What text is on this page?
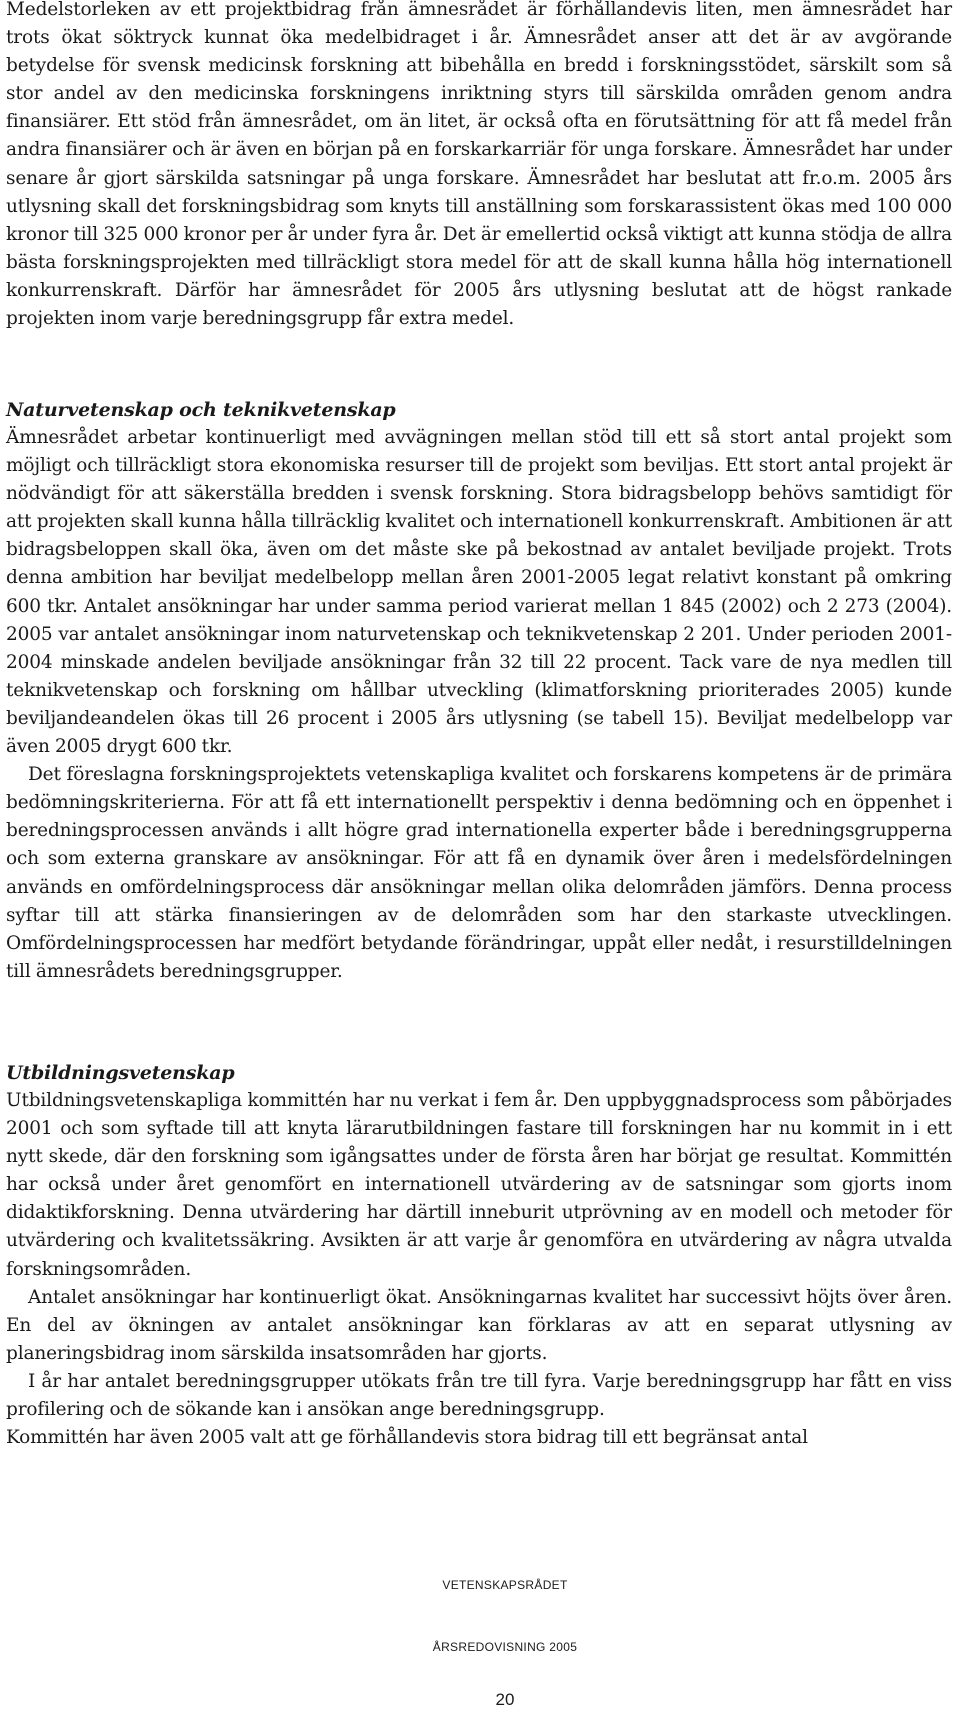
Medelstorleken av ett projektbidrag från ämnesrådet är förhållandevis liten, men ämnesrådet har trots ökat söktryck kunnat öka medelbidraget i år. Ämnesrådet anser att det är av avgörande betydelse för svensk medicinsk forskning att bibehålla en bredd i forskningsstödet, särskilt som så stor andel av den medicinska forskningens inriktning styrs till särskilda områden genom andra finansiärer. Ett stöd från ämnesrådet, om än litet, är också ofta en förutsättning för att få medel från andra finansiärer och är även en början på en forskarkarriär för unga forskare. Ämnesrådet har under senare år gjort särskilda satsningar på unga forskare. Ämnesrådet har beslutat att fr.o.m. 2005 års utlysning skall det forskningsbidrag som knyts till anställning som forskarassistent ökas med 100 000 kronor till 325 000 kronor per år under fyra år. Det är emellertid också viktigt att kunna stödja de allra bästa forskningsprojekten med tillräckligt stora medel för att de skall kunna hålla hög internationell konkurrenskraft. Därför har ämnesrådet för 2005 års utlysning beslutat att de högst rankade projekten inom varje beredningsgrupp får extra medel.

Naturvetenskap och teknikvetenskap

Ämnesrådet arbetar kontinuerligt med avvägningen mellan stöd till ett så stort antal projekt som möjligt och tillräckligt stora ekonomiska resurser till de projekt som beviljas. Ett stort antal projekt är nödvändigt för att säkerställa bredden i svensk forskning. Stora bidragsbelopp behövs samtidigt för att projekten skall kunna hålla tillräcklig kvalitet och internationell konkurrenskraft. Ambitionen är att bidragsbeloppen skall öka, även om det måste ske på bekostnad av antalet beviljade projekt. Trots denna ambition har beviljat medelbelopp mellan åren 2001-2005 legat relativt konstant på omkring 600 tkr. Antalet ansökningar har under samma period varierat mellan 1 845 (2002) och 2 273 (2004). 2005 var antalet ansökningar inom naturvetenskap och teknikvetenskap 2 201. Under perioden 2001-2004 minskade andelen beviljade ansökningar från 32 till 22 procent. Tack vare de nya medlen till teknikvetenskap och forskning om hållbar utveckling (klimatforskning prioriterades 2005) kunde beviljandeandelen ökas till 26 procent i 2005 års utlysning (se tabell 15). Beviljat medelbelopp var även 2005 drygt 600 tkr.

Det föreslagna forskningsprojektets vetenskapliga kvalitet och forskarens kompetens är de primära bedömningskriterierna. För att få ett internationellt perspektiv i denna bedömning och en öppenhet i beredningsprocessen används i allt högre grad internationella experter både i beredningsgrupperna och som externa granskare av ansökningar. För att få en dynamik över åren i medelsfördelningen används en omfördelningsprocess där ansökningar mellan olika delområden jämförs. Denna process syftar till att stärka finansieringen av de delområden som har den starkaste utvecklingen. Omfördelningsprocessen har medfört betydande förändringar, uppåt eller nedåt, i resurstilldelningen till ämnesrådets beredningsgrupper.

Utbildningsvetenskap

Utbildningsvetenskapliga kommittén har nu verkat i fem år. Den uppbyggnadsprocess som påbörjades 2001 och som syftade till att knyta lärarutbildningen fastare till forskningen har nu kommit in i ett nytt skede, där den forskning som igångsattes under de första åren har börjat ge resultat. Kommittén har också under året genomfört en internationell utvärdering av de satsningar som gjorts inom didaktikforskning. Denna utvärdering har därtill inneburit utprövning av en modell och metoder för utvärdering och kvalitetssäkring. Avsikten är att varje år genomföra en utvärdering av några utvalda forskningsområden.

Antalet ansökningar har kontinuerligt ökat. Ansökningarnas kvalitet har successivt höjts över åren. En del av ökningen av antalet ansökningar kan förklaras av att en separat utlysning av planeringsbidrag inom särskilda insatsområden har gjorts.

I år har antalet beredningsgrupper utökats från tre till fyra. Varje beredningsgrupp har fått en viss profilering och de sökande kan i ansökan ange beredningsgrupp.

Kommittén har även 2005 valt att ge förhållandevis stora bidrag till ett begränsat antal

VETENSKAPSRÅDET
ÅRSREDOVISNING 2005
20
